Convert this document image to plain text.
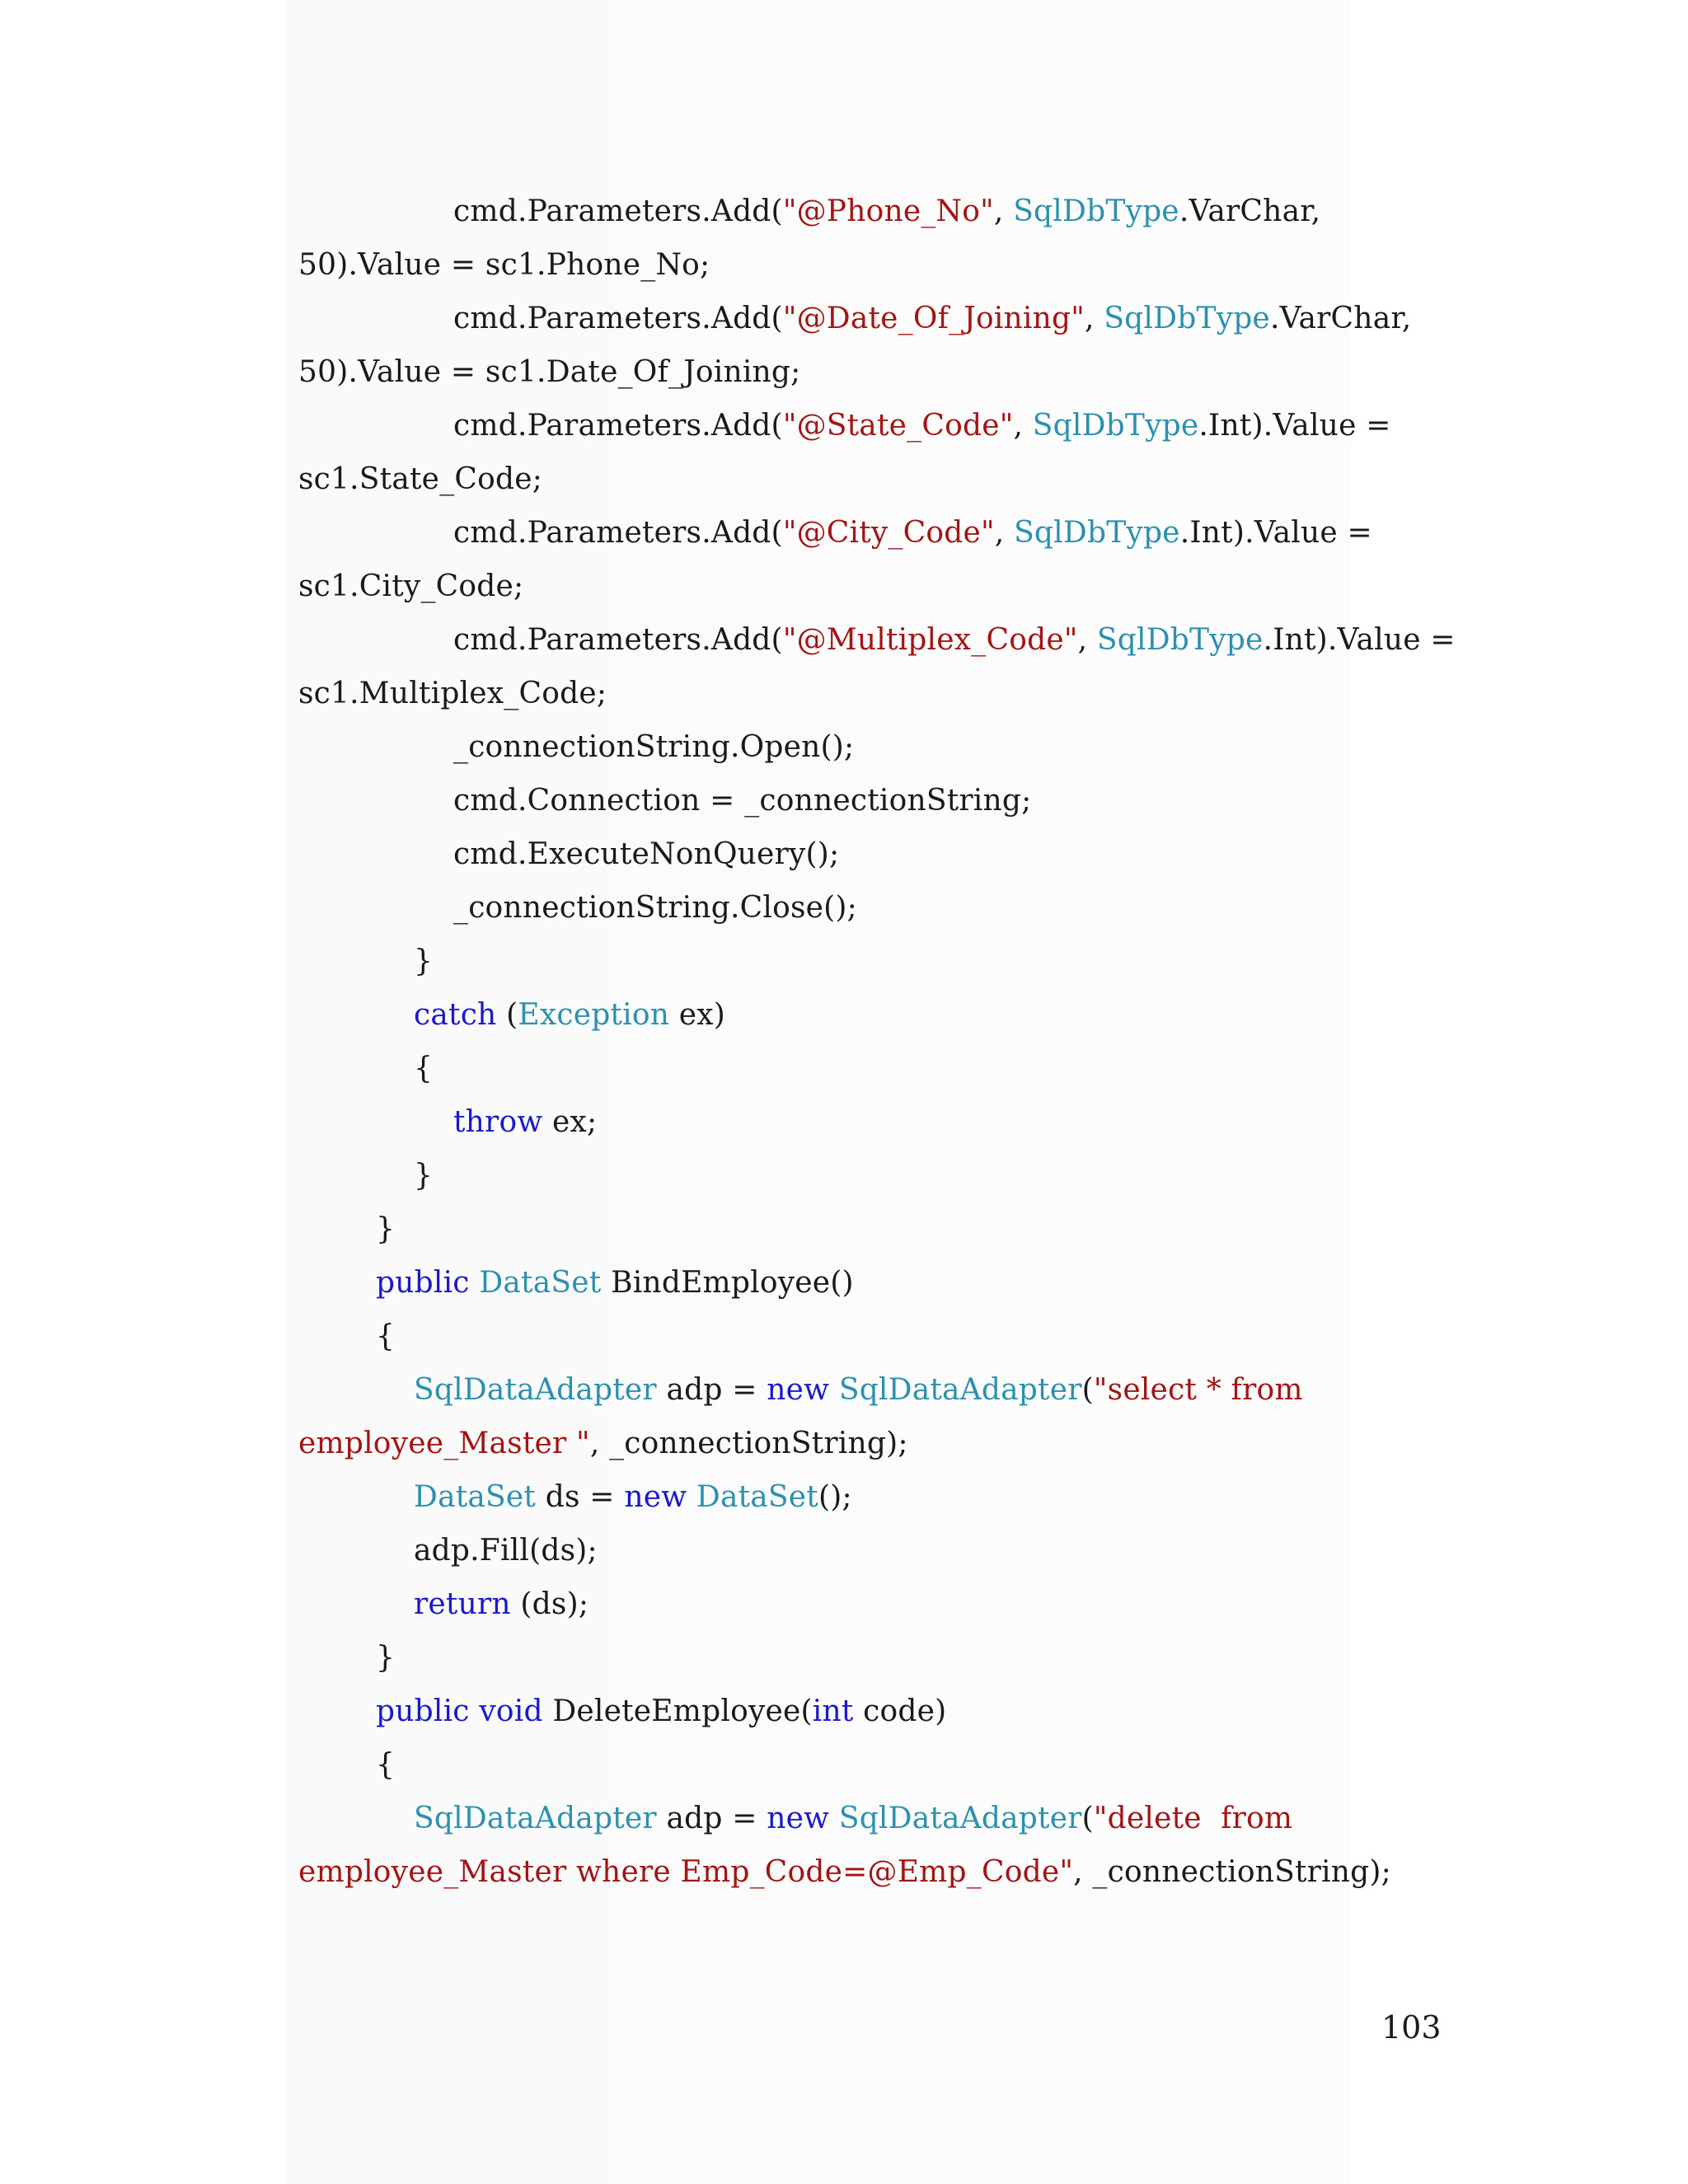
cmd.Parameters.Add("@Phone_No", SqlDbType.VarChar,
50).Value = sc1.Phone_No;
cmd.Parameters.Add("@Date_Of_Joining", SqlDbType.VarChar,
50).Value = sc1.Date_Of_Joining;
cmd.Parameters.Add("@State_Code", SqlDbType.Int).Value =
sc1.State_Code;
cmd.Parameters.Add("@City_Code", SqlDbType.Int).Value =
sc1.City_Code;
cmd.Parameters.Add("@Multiplex_Code", SqlDbType.Int).Value =
sc1.Multiplex_Code;
_connectionString.Open();
cmd.Connection = _connectionString;
cmd.ExecuteNonQuery();
_connectionString.Close();
}
catch (Exception ex)
{
throw ex;
}
}
public DataSet BindEmployee()
{
SqlDataAdapter adp = new SqlDataAdapter("select * from
employee_Master ", _connectionString);
DataSet ds = new DataSet();
adp.Fill(ds);
return (ds);
}
public void DeleteEmployee(int code)
{
SqlDataAdapter adp = new SqlDataAdapter("delete  from
employee_Master where Emp_Code=@Emp_Code", _connectionString);
103
